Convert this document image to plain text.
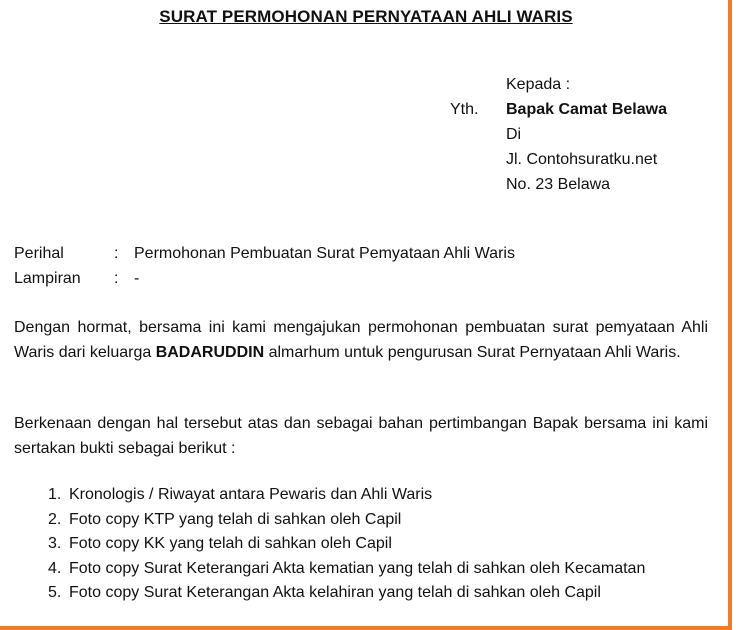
SURAT PERMOHONAN PERNYATAAN AHLI WARIS
Kepada :
Yth.	Bapak Camat Belawa
Di
Jl. Contohsuratku.net
No. 23 Belawa
Perihal	: Permohonan Pembuatan Surat Pemyataan Ahli Waris
Lampiran	: -

Dengan hormat, bersama ini kami mengajukan permohonan pembuatan surat pemyataan Ahli Waris dari keluarga BADARUDDIN almarhum untuk pengurusan Surat Pernyataan Ahli Waris.

Berkenaan dengan hal tersebut atas dan sebagai bahan pertimbangan Bapak bersama ini kami sertakan bukti sebagai berikut :

1. Kronologis / Riwayat antara Pewaris dan Ahli Waris
2. Foto copy KTP yang telah di sahkan oleh Capil
3. Foto copy KK yang telah di sahkan oleh Capil
4. Foto copy Surat Keterangari Akta kematian yang telah di sahkan oleh Kecamatan
5. Foto copy Surat Keterangan Akta kelahiran yang telah di sahkan oleh Capil
